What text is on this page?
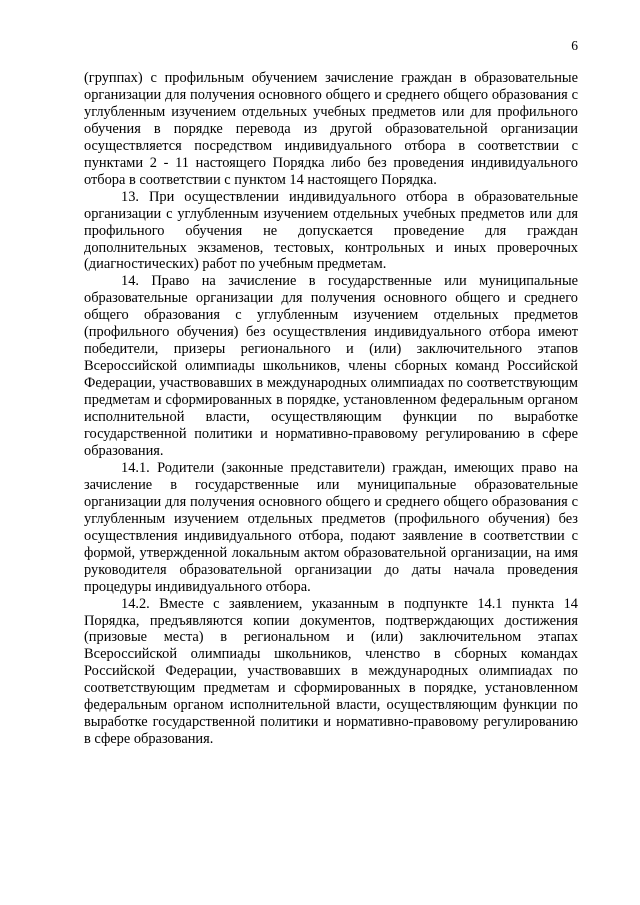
6

(группах) с профильным обучением зачисление граждан в образовательные организации для получения основного общего и среднего общего образования с углубленным изучением отдельных учебных предметов или для профильного обучения в порядке перевода из другой образовательной организации осуществляется посредством индивидуального отбора в соответствии с пунктами 2 - 11 настоящего Порядка либо без проведения индивидуального отбора в соответствии с пунктом 14 настоящего Порядка.

13. При осуществлении индивидуального отбора в образовательные организации с углубленным изучением отдельных учебных предметов или для профильного обучения не допускается проведение для граждан дополнительных экзаменов, тестовых, контрольных и иных проверочных (диагностических) работ по учебным предметам.

14. Право на зачисление в государственные или муниципальные образовательные организации для получения основного общего и среднего общего образования с углубленным изучением отдельных предметов (профильного обучения) без осуществления индивидуального отбора имеют победители, призеры регионального и (или) заключительного этапов Всероссийской олимпиады школьников, члены сборных команд Российской Федерации, участвовавших в международных олимпиадах по соответствующим предметам и сформированных в порядке, установленном федеральным органом исполнительной власти, осуществляющим функции по выработке государственной политики и нормативно-правовому регулированию в сфере образования.

14.1. Родители (законные представители) граждан, имеющих право на зачисление в государственные или муниципальные образовательные организации для получения основного общего и среднего общего образования с углубленным изучением отдельных предметов (профильного обучения) без осуществления индивидуального отбора, подают заявление в соответствии с формой, утвержденной локальным актом образовательной организации, на имя руководителя образовательной организации до даты начала проведения процедуры индивидуального отбора.

14.2. Вместе с заявлением, указанным в подпункте 14.1 пункта 14 Порядка, предъявляются копии документов, подтверждающих достижения (призовые места) в региональном и (или) заключительном этапах Всероссийской олимпиады школьников, членство в сборных командах Российской Федерации, участвовавших в международных олимпиадах по соответствующим предметам и сформированных в порядке, установленном федеральным органом исполнительной власти, осуществляющим функции по выработке государственной политики и нормативно-правовому регулированию в сфере образования.
